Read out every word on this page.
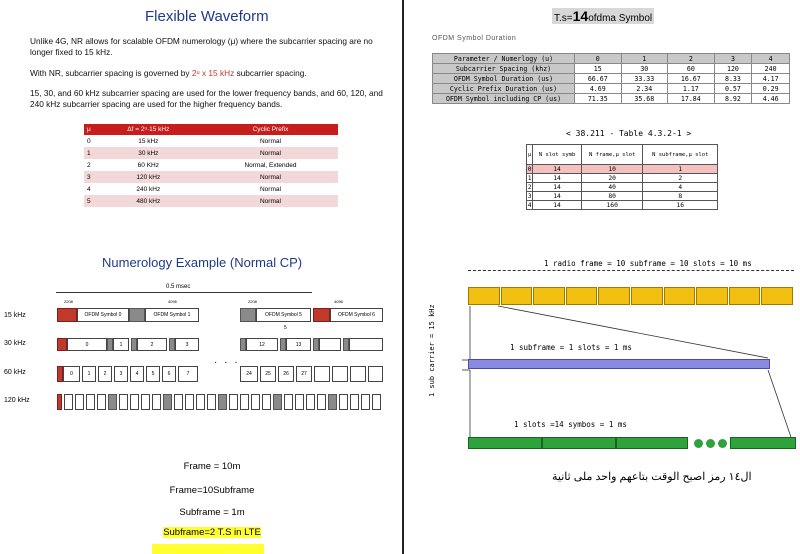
Flexible Waveform

Unlike 4G, NR allows for scalable OFDM numerology (μ) where the subcarrier spacing are no longer fixed to 15 kHz.

With NR, subcarrier spacing is governed by 2ᵘ x 15 kHz subcarrier spacing.

15, 30, and 60 kHz subcarrier spacing are used for the lower frequency bands, and 60, 120, and 240 kHz subcarrier spacing are used for the higher frequency bands.

μ	Δf = 2ᵘ·15 kHz	Cyclic Prefix
0	15 kHz	Normal
1	30 kHz	Normal
2	60 KHz	Normal, Extended
3	120 kHz	Normal
4	240 kHz	Normal
5	480 kHz	Normal
Numerology Example (Normal CP)
0.5 msec
15 kHz
30 kHz
60 kHz
120 kHz
2208	4096	2208	4096
OFDM Symbol 0	OFDM Symbol 1	OFDM Symbol 5	OFDM Symbol 6
5
0	1	2	3	12	13
0	1	2	3	4	5	6	7	24	25	26	27
· · ·
Frame = 10m
Frame=10Subframe
Subframe = 1m
Subframe=2 T.S in LTE
T.s=14ofdma Symbol
OFDM Symbol Duration
Parameter / Numerlogy (u)	0	1	2	3	4
Subcarrier Spacing (khz)	15	30	60	120	240
OFDM Symbol Duration (us)	66.67	33.33	16.67	8.33	4.17
Cyclic Prefix Duration (us)	4.69	2.34	1.17	0.57	0.29
OFDM Symbol including CP (us)	71.35	35.68	17.84	8.92	4.46
< 38.211 - Table 4.3.2-1 >
μ	N slot symb	N frame,μ slot	N subframe,μ slot
0	14	10	1
1	14	20	2
2	14	40	4
3	14	80	8
4	14	160	16
1 radio frame = 10 subframe = 10 slots = 10 ms
1 sub carrier = 15 kHz	1 subframe = 1 slots = 1 ms
1 slots =14 symbos = 1 ms
ال١٤ رمز اصبح الوقت بتاعهم واحد ملى ثانية
